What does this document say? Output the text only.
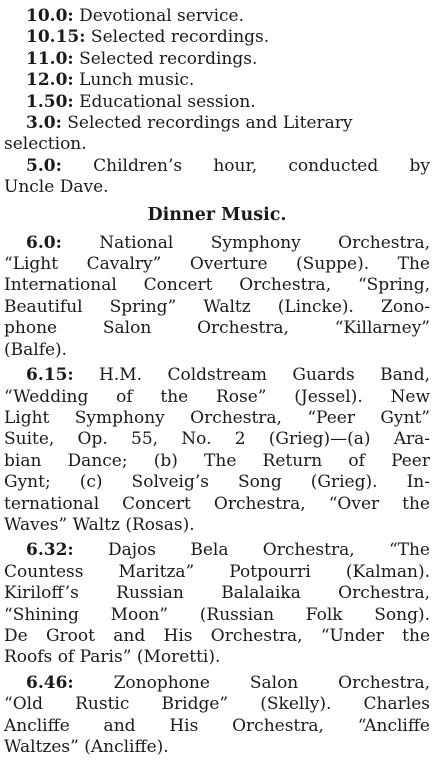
10.0: Devotional service.
10.15: Selected recordings.
11.0: Selected recordings.
12.0: Lunch music.
1.50: Educational session.
3.0: Selected recordings and Literary
selection.
5.0: Children’s hour, conducted by
Uncle Dave.
Dinner Music.
6.0: National Symphony Orchestra,
“Light Cavalry” Overture (Suppe). The
International Concert Orchestra, “Spring,
Beautiful Spring” Waltz (Lincke). Zono-
phone Salon Orchestra, “Killarney”
(Balfe).
6.15: H.M. Coldstream Guards Band,
“Wedding of the Rose” (Jessel). New
Light Symphony Orchestra, “Peer Gynt”
Suite, Op. 55, No. 2 (Grieg)—(a) Ara-
bian Dance; (b) The Return of Peer
Gynt; (c) Solveig’s Song (Grieg). In-
ternational Concert Orchestra, “Over the
Waves” Waltz (Rosas).
6.32: Dajos Bela Orchestra, “The
Countess Maritza” Potpourri (Kalman).
Kiriloff’s Russian Balalaika Orchestra,
“Shining Moon” (Russian Folk Song).
De Groot and His Orchestra, “Under the
Roofs of Paris” (Moretti).
6.46: Zonophone Salon Orchestra,
“Old Rustic Bridge” (Skelly). Charles
Ancliffe and His Orchestra, “Ancliffe
Waltzes” (Ancliffe).
